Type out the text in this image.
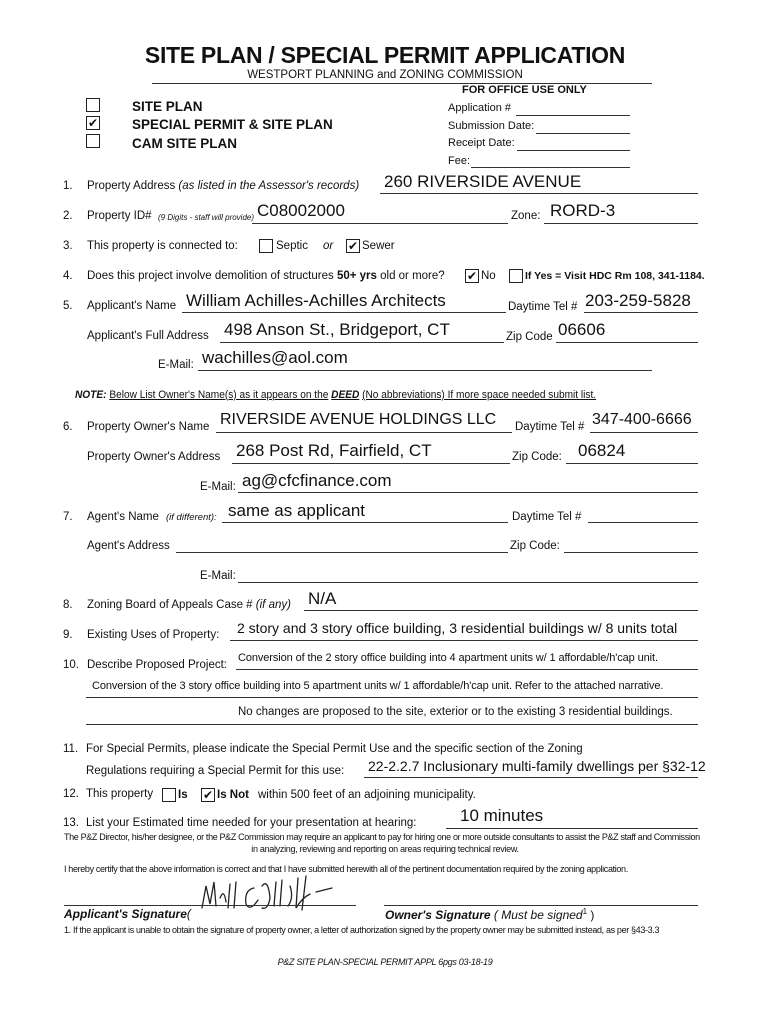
SITE PLAN / SPECIAL PERMIT APPLICATION
WESTPORT PLANNING and ZONING COMMISSION
FOR OFFICE USE ONLY
SITE PLAN
✔	SPECIAL PERMIT & SITE PLAN
CAM SITE PLAN
Application #
Submission Date:
Receipt Date:
Fee:
1. Property Address (as listed in the Assessor's records) 260 RIVERSIDE AVENUE
2. Property ID# (9 Digits - staff will provide) C08002000	Zone: RORD-3
3. This property is connected to:	Septic or ✔ Sewer
4. Does this project involve demolition of structures 50+ yrs old or more? ✔ No	If Yes = Visit HDC Rm 108, 341-1184.
5. Applicant's Name William Achilles-Achilles Architects	Daytime Tel # 203-259-5828
Applicant's Full Address 498 Anson St., Bridgeport, CT	Zip Code 06606
E-Mail: wachilles@aol.com
NOTE: Below List Owner's Name(s) as it appears on the DEED (No abbreviations) If more space needed submit list.
6. Property Owner's Name RIVERSIDE AVENUE HOLDINGS LLC Daytime Tel # 347-400-6666
Property Owner's Address 268 Post Rd, Fairfield, CT	Zip Code: 06824
E-Mail: ag@cfcfinance.com
7. Agent's Name (if different): same as applicant	Daytime Tel #
Agent's Address	Zip Code:
E-Mail:
8. Zoning Board of Appeals Case # (if any) N/A
9. Existing Uses of Property: 2 story and 3 story office building, 3 residential buildings w/ 8 units total
10. Describe Proposed Project:
Conversion of the 2 story office building into 4 apartment units w/ 1 affordable/h'cap unit.
Conversion of the 3 story office building into 5 apartment units w/ 1 affordable/h'cap unit. Refer to the attached narrative.
No changes are proposed to the site, exterior or to the existing 3 residential buildings.
11. For Special Permits, please indicate the Special Permit Use and the specific section of the Zoning
Regulations requiring a Special Permit for this use: 22-2.2.7 Inclusionary multi-family dwellings per §32-12
12. This property Is ✔ Is Not within 500 feet of an adjoining municipality.
13. List your Estimated time needed for your presentation at hearing:	10 minutes
The P&Z Director, his/her designee, or the P&Z Commission may require an applicant to pay for hiring one or more outside consultants to assist the P&Z staff and Commission
in analyzing, reviewing and reporting on areas requiring technical review.
I hereby certify that the above information is correct and that I have submitted herewith all of the pertinent documentation required by the zoning application.
Applicant's Signature(	Owner's Signature ( Must be signed$^1$ )
1. If the applicant is unable to obtain the signature of property owner, a letter of authorization signed by the property owner may be submitted instead, as per §43-3.3
P&Z SITE PLAN-SPECIAL PERMIT APPL 6pgs 03-18-19
